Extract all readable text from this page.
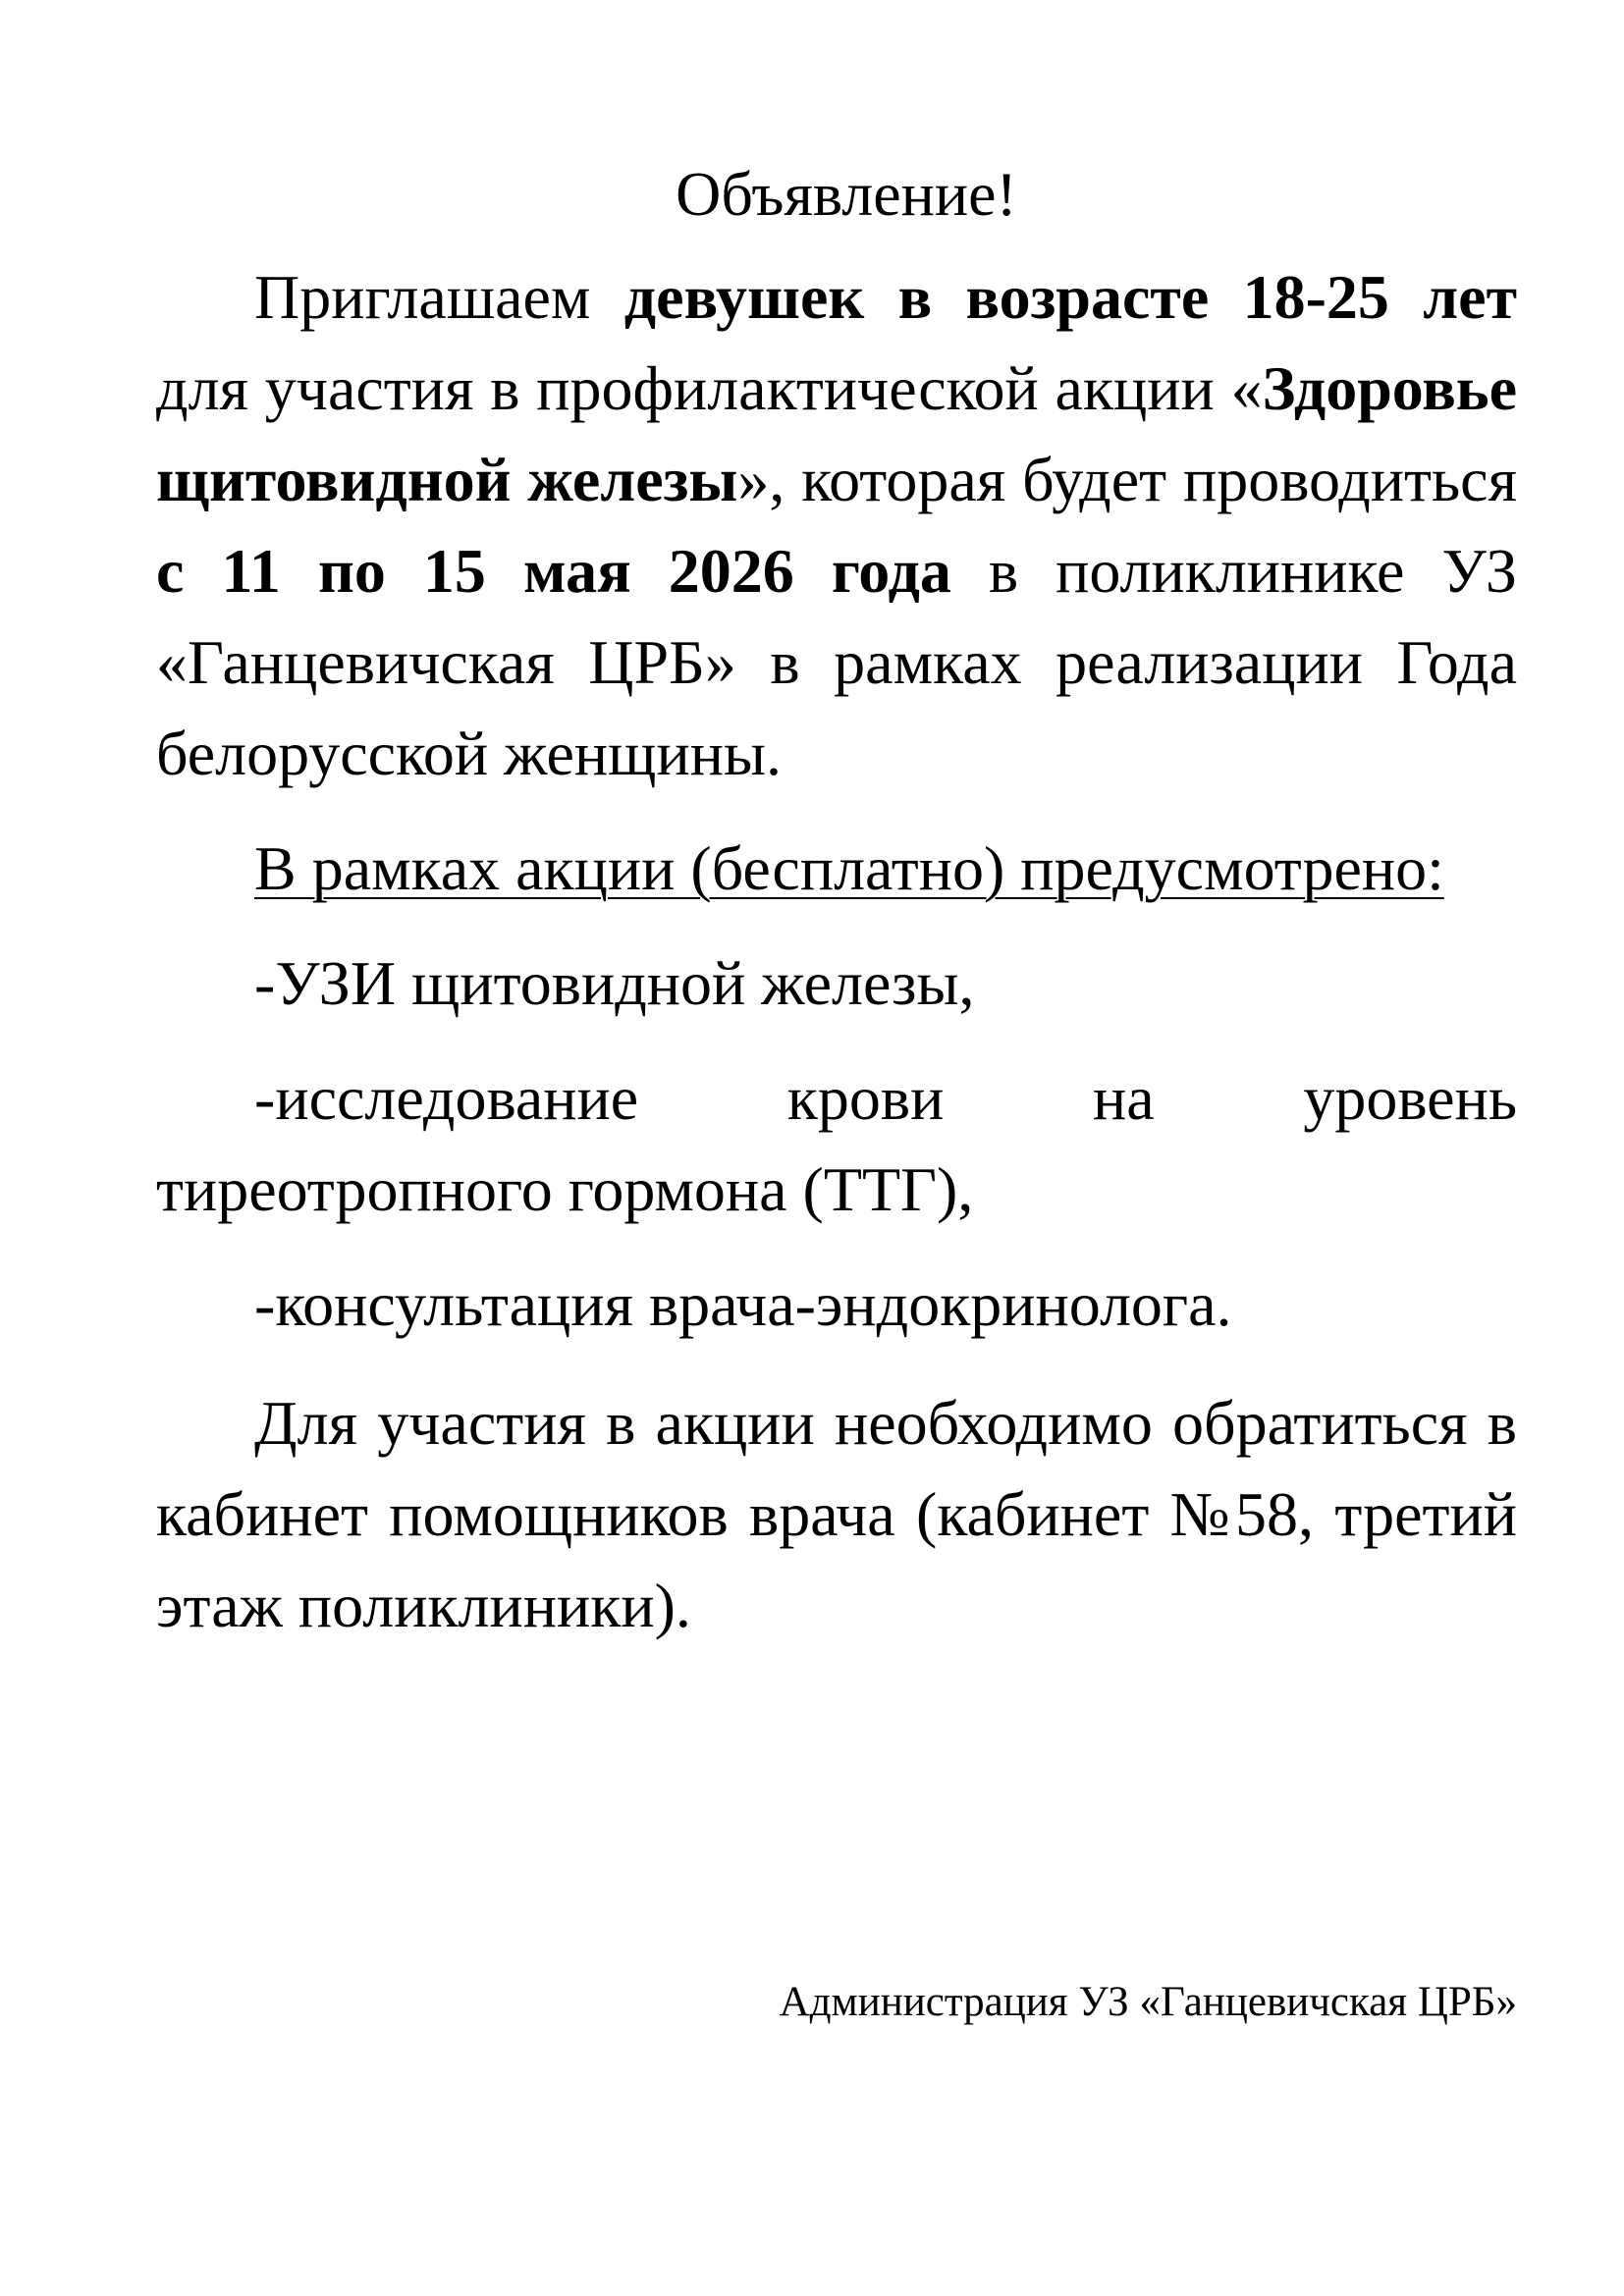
Объявление!

Приглашаем девушек в возрасте 18-25 лет для участия в профилактической акции «Здоровье щитовидной железы», которая будет проводиться с 11 по 15 мая 2026 года в поликлинике УЗ «Ганцевичская ЦРБ» в рамках реализации Года белорусской женщины.

В рамках акции (бесплатно) предусмотрено:

-УЗИ щитовидной железы,

-исследование крови на уровень тиреотропного гормона (ТТГ),

-консультация врача-эндокринолога.

Для участия в акции необходимо обратиться в кабинет помощников врача (кабинет №58, третий этаж поликлиники).

Администрация УЗ «Ганцевичская ЦРБ»
